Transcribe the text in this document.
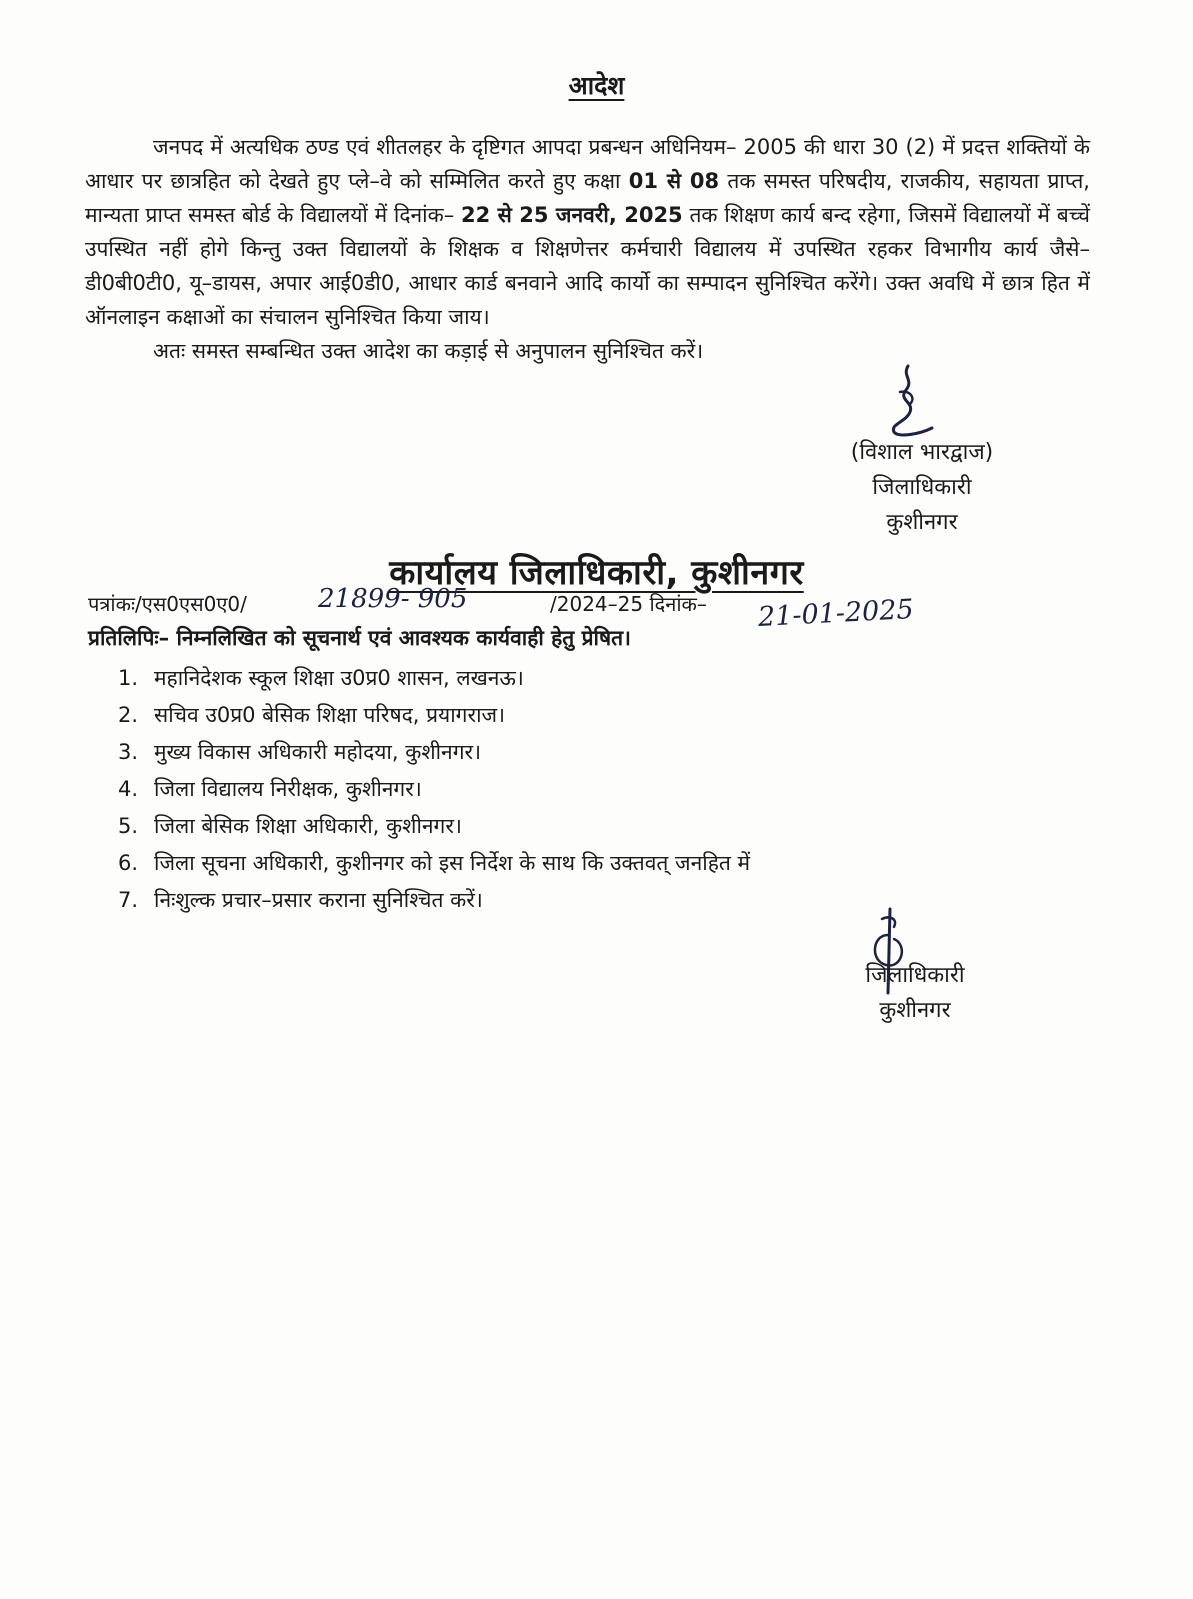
आदेश

जनपद में अत्यधिक ठण्ड एवं शीतलहर के दृष्टिगत आपदा प्रबन्धन अधिनियम– 2005 की धारा 30 (2) में प्रदत्त शक्तियों के आधार पर छात्रहित को देखते हुए प्ले–वे को सम्मिलित करते हुए कक्षा 01 से 08 तक समस्त परिषदीय, राजकीय, सहायता प्राप्त, मान्यता प्राप्त समस्त बोर्ड के विद्यालयों में दिनांक– 22 से 25 जनवरी, 2025 तक शिक्षण कार्य बन्द रहेगा, जिसमें विद्यालयों में बच्चें उपस्थित नहीं होगे किन्तु उक्त विद्यालयों के शिक्षक व शिक्षणेत्तर कर्मचारी विद्यालय में उपस्थित रहकर विभागीय कार्य जैसे– डी0बी0टी0, यू–डायस, अपार आई0डी0, आधार कार्ड बनवाने आदि कार्यो का सम्पादन सुनिश्चित करेंगे। उक्त अवधि में छात्र हित में ऑनलाइन कक्षाओं का संचालन सुनिश्चित किया जाय।

अतः समस्त सम्बन्धित उक्त आदेश का कड़ाई से अनुपालन सुनिश्चित करें।

(विशाल भारद्वाज)
जिलाधिकारी
कुशीनगर
कार्यालय जिलाधिकारी, कुशीनगर
पत्रांकः/एस0एस0ए0/	21899- 905	/2024–25 दिनांक– 21-01-2025
प्रतिलिपिः– निम्नलिखित को सूचनार्थ एवं आवश्यक कार्यवाही हेतु प्रेषित।
1. महानिदेशक स्कूल शिक्षा उ0प्र0 शासन, लखनऊ।
2. सचिव उ0प्र0 बेसिक शिक्षा परिषद, प्रयागराज।
3. मुख्य विकास अधिकारी महोदया, कुशीनगर।
4. जिला विद्यालय निरीक्षक, कुशीनगर।
5. जिला बेसिक शिक्षा अधिकारी, कुशीनगर।
6. जिला सूचना अधिकारी, कुशीनगर को इस निर्देश के साथ कि उक्तवत् जनहित में
7. निःशुल्क प्रचार–प्रसार कराना सुनिश्चित करें।
जिलाधिकारी
कुशीनगर
